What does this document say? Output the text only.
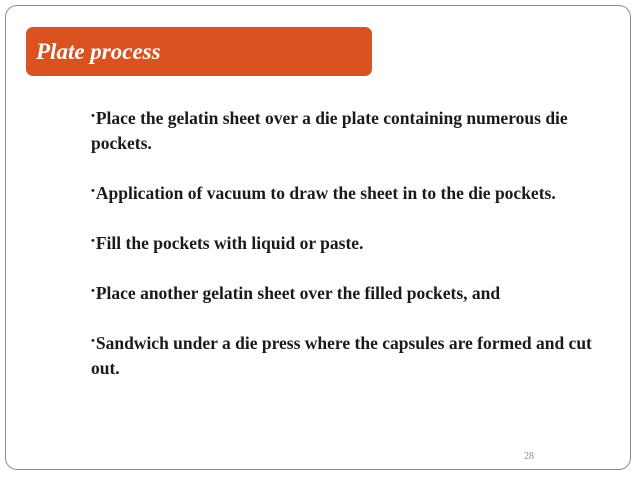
Plate process
•Place the gelatin sheet over a die plate containing numerous die pockets.
•Application of vacuum to draw the sheet in to the die pockets.
•Fill the pockets with liquid or paste.
•Place another gelatin sheet over the filled pockets, and
•Sandwich under a die press where the capsules are formed and cut out.
28
